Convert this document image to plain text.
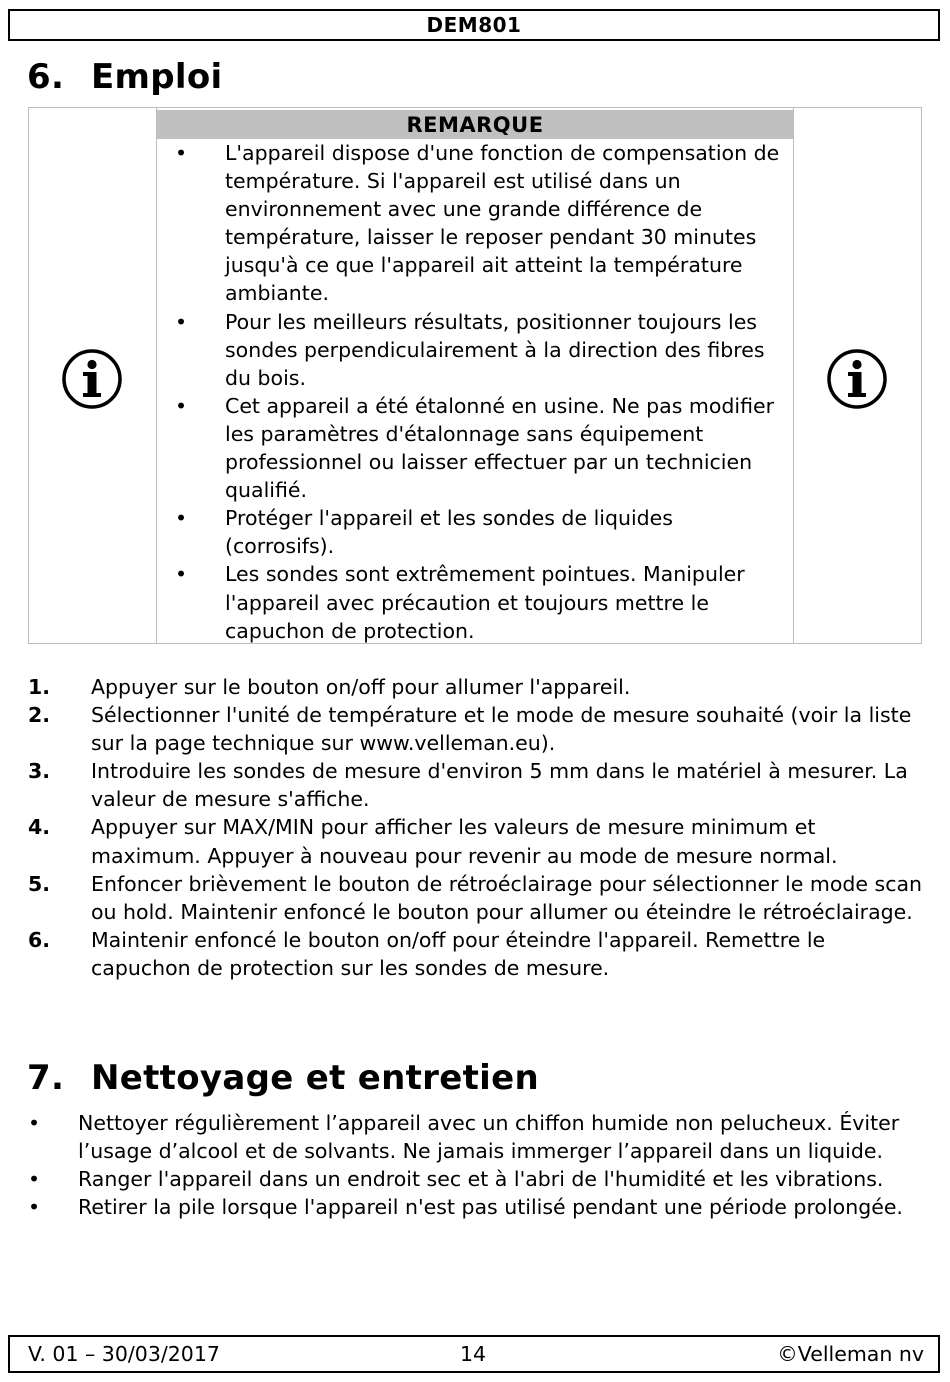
DEM801
6. Emploi
REMARQUE
• L'appareil dispose d'une fonction de compensation de température. Si l'appareil est utilisé dans un environnement avec une grande différence de température, laisser le reposer pendant 30 minutes jusqu'à ce que l'appareil ait atteint la température ambiante.
• Pour les meilleurs résultats, positionner toujours les sondes perpendiculairement à la direction des fibres du bois.
• Cet appareil a été étalonné en usine. Ne pas modifier les paramètres d'étalonnage sans équipement professionnel ou laisser effectuer par un technicien qualifié.
• Protéger l'appareil et les sondes de liquides (corrosifs).
• Les sondes sont extrêmement pointues. Manipuler l'appareil avec précaution et toujours mettre le capuchon de protection.
1. Appuyer sur le bouton on/off pour allumer l'appareil.
2. Sélectionner l'unité de température et le mode de mesure souhaité (voir la liste sur la page technique sur www.velleman.eu).
3. Introduire les sondes de mesure d'environ 5 mm dans le matériel à mesurer. La valeur de mesure s'affiche.
4. Appuyer sur MAX/MIN pour afficher les valeurs de mesure minimum et maximum. Appuyer à nouveau pour revenir au mode de mesure normal.
5. Enfoncer brièvement le bouton de rétroéclairage pour sélectionner le mode scan ou hold. Maintenir enfoncé le bouton pour allumer ou éteindre le rétroéclairage.
6. Maintenir enfoncé le bouton on/off pour éteindre l'appareil. Remettre le capuchon de protection sur les sondes de mesure.
7. Nettoyage et entretien
• Nettoyer régulièrement l’appareil avec un chiffon humide non pelucheux. Éviter l’usage d’alcool et de solvants. Ne jamais immerger l’appareil dans un liquide.
• Ranger l'appareil dans un endroit sec et à l'abri de l'humidité et les vibrations.
• Retirer la pile lorsque l'appareil n'est pas utilisé pendant une période prolongée.
V. 01 – 30/03/2017	14	©Velleman nv
